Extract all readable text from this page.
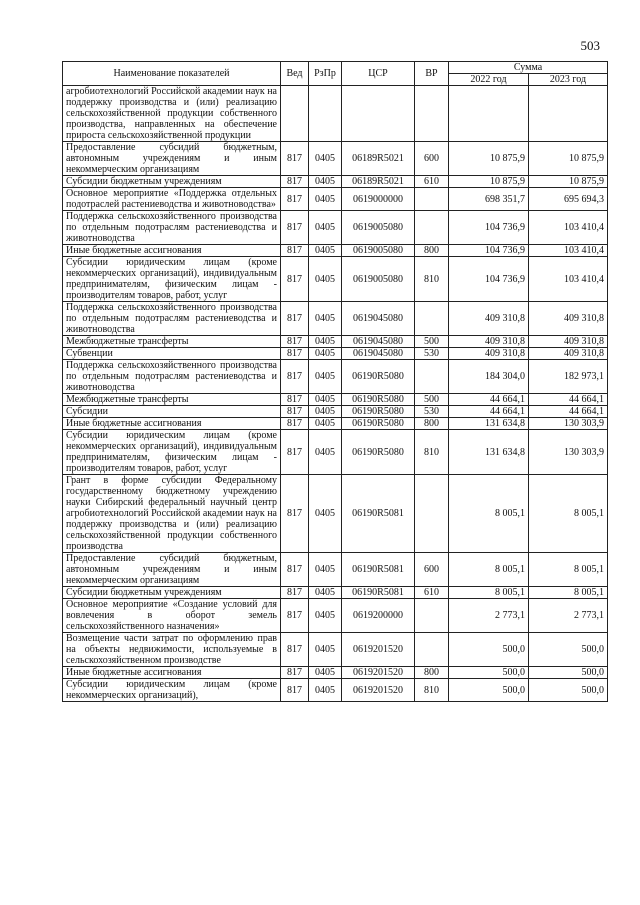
503
Наименование показателей	Вед	РзПр	ЦСР	ВР	Сумма	
					2022 год	2023 год
агробиотехнологий Российской академии наук на поддержку производства и (или) реализацию сельскохозяйственной продукции собственного производства, направленных на обеспечение прироста сельскохозяйственной продукции						
Предоставление субсидий бюджетным, автономным учреждениям и иным некоммерческим организациям	817	0405	06189R5021	600	10 875,9	10 875,9
Субсидии бюджетным учреждениям	817	0405	06189R5021	610	10 875,9	10 875,9
Основное мероприятие «Поддержка отдельных подотраслей растениеводства и животноводства»	817	0405	0619000000		698 351,7	695 694,3
Поддержка сельскохозяйственного производства по отдельным подотраслям растениеводства и животноводства	817	0405	0619005080		104 736,9	103 410,4
Иные бюджетные ассигнования	817	0405	0619005080	800	104 736,9	103 410,4
Субсидии юридическим лицам (кроме некоммерческих организаций), индивидуальным предпринимателям, физическим лицам - производителям товаров, работ, услуг	817	0405	0619005080	810	104 736,9	103 410,4
Поддержка сельскохозяйственного производства по отдельным подотраслям растениеводства и животноводства	817	0405	0619045080		409 310,8	409 310,8
Межбюджетные трансферты	817	0405	0619045080	500	409 310,8	409 310,8
Субвенции	817	0405	0619045080	530	409 310,8	409 310,8
Поддержка сельскохозяйственного производства по отдельным подотраслям растениеводства и животноводства	817	0405	06190R5080		184 304,0	182 973,1
Межбюджетные трансферты	817	0405	06190R5080	500	44 664,1	44 664,1
Субсидии	817	0405	06190R5080	530	44 664,1	44 664,1
Иные бюджетные ассигнования	817	0405	06190R5080	800	131 634,8	130 303,9
Субсидии юридическим лицам (кроме некоммерческих организаций), индивидуальным предпринимателям, физическим лицам - производителям товаров, работ, услуг	817	0405	06190R5080	810	131 634,8	130 303,9
Грант в форме субсидии Федеральному государственному бюджетному учреждению науки Сибирский федеральный научный центр агробиотехнологий Российской академии наук на поддержку производства и (или) реализацию сельскохозяйственной продукции собственного производства	817	0405	06190R5081		8 005,1	8 005,1
Предоставление субсидий бюджетным, автономным учреждениям и иным некоммерческим организациям	817	0405	06190R5081	600	8 005,1	8 005,1
Субсидии бюджетным учреждениям	817	0405	06190R5081	610	8 005,1	8 005,1
Основное мероприятие «Создание условий для вовлечения в оборот земель сельскохозяйственного назначения»	817	0405	0619200000		2 773,1	2 773,1
Возмещение части затрат по оформлению прав на объекты недвижимости, используемые в сельскохозяйственном производстве	817	0405	0619201520		500,0	500,0
Иные бюджетные ассигнования	817	0405	0619201520	800	500,0	500,0
Субсидии юридическим лицам (кроме некоммерческих организаций),	817	0405	0619201520	810	500,0	500,0
